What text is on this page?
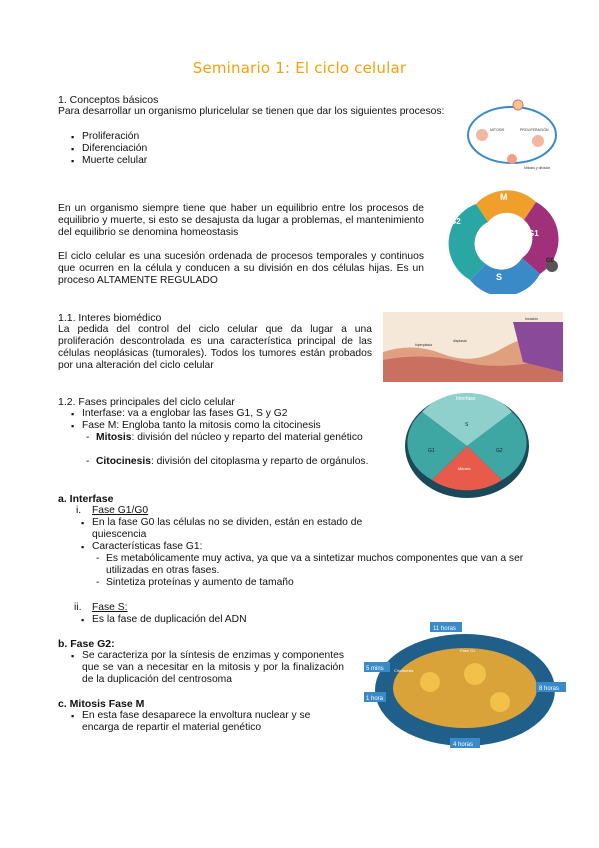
Seminario 1: El ciclo celular
1. Conceptos básicos
Para desarrollar un organismo pluricelular se tienen que dar los siguientes procesos:
▪ Proliferación
▪ Diferenciación
▪ Muerte celular
En un organismo siempre tiene que haber un equilibrio entre los procesos de equilibrio y muerte, si esto se desajusta da lugar a problemas, el mantenimiento del equilibrio se denomina homeostasis
El ciclo celular es una sucesión ordenada de procesos temporales y continuos que ocurren en la célula y conducen a su división en dos células hijas. Es un proceso ALTAMENTE REGULADO
1.1. Interes biomédico
La pedida del control del ciclo celular que da lugar a una proliferación descontrolada es una característica principal de las células neoplásicas (tumorales). Todos los tumores están probados por una alteración del ciclo celular
1.2. Fases principales del ciclo celular
▪ Interfase: va a englobar las fases G1, S y G2
▪ Fase M: Engloba tanto la mitosis como la citocinesis
- Mitosis: división del núcleo y reparto del material genético
- Citocinesis: división del citoplasma y reparto de orgánulos.
a. Interfase
i. Fase G1/G0
▪ En la fase G0 las células no se dividen, están en estado de quiescencia
▪ Características fase G1:
- Es metabólicamente muy activa, ya que va a sintetizar muchos componentes que van a ser utilizadas en otras fases.
- Sintetiza proteínas y aumento de tamaño
ii. Fase S:
▪ Es la fase de duplicación del ADN
b. Fase G2:
▪ Se caracteriza por la síntesis de enzimas y componentes que se van a necesitar en la mitosis y por la finalización de la duplicación del centrosoma
c. Mitosis Fase M
▪ En esta fase desaparece la envoltura nuclear y se encarga de repartir el material genético
MITOSIS	PROLIFERACIÓN
Mitosis y división
M
G1
G2
S
G0
Invasión
displasia
hiperplasia
Interfase
S
G1	G2
Mitosis
11 horas
5 mins
1 hora
8 horas
4 horas
Fase G1
Citocinesis
